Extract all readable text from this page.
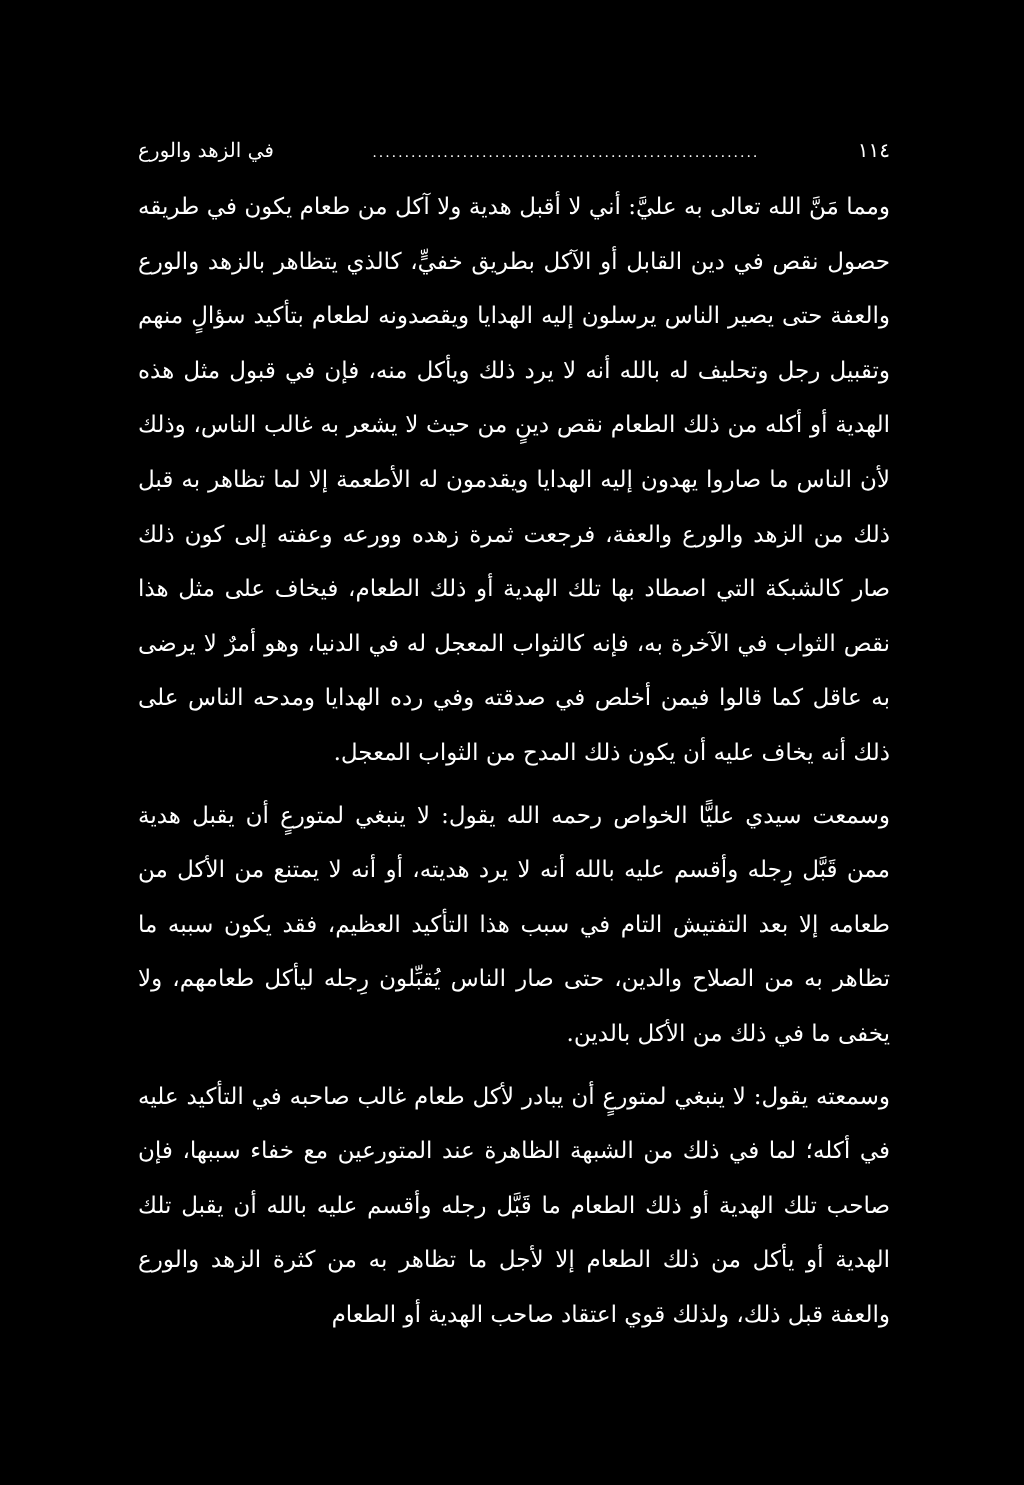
١١٤
............................................................
في الزهد والورع

ومما مَنَّ الله تعالى به عليَّ: أني لا أقبل هدية ولا آكل من طعام يكون في طريقه حصول نقص في دين القابل أو الآكل بطريق خفيٍّ، كالذي يتظاهر بالزهد والورع والعفة حتى يصير الناس يرسلون إليه الهدايا ويقصدونه لطعام بتأكيد سؤالٍ منهم وتقبيل رجل وتحليف له بالله أنه لا يرد ذلك ويأكل منه، فإن في قبول مثل هذه الهدية أو أكله من ذلك الطعام نقص دينٍ من حيث لا يشعر به غالب الناس، وذلك لأن الناس ما صاروا يهدون إليه الهدايا ويقدمون له الأطعمة إلا لما تظاهر به قبل ذلك من الزهد والورع والعفة، فرجعت ثمرة زهده وورعه وعفته إلى كون ذلك صار كالشبكة التي اصطاد بها تلك الهدية أو ذلك الطعام، فيخاف على مثل هذا نقص الثواب في الآخرة به، فإنه كالثواب المعجل له في الدنيا، وهو أمرٌ لا يرضى به عاقل كما قالوا فيمن أخلص في صدقته وفي رده الهدايا ومدحه الناس على ذلك أنه يخاف عليه أن يكون ذلك المدح من الثواب المعجل.

وسمعت سيدي عليًّا الخواص رحمه الله يقول: لا ينبغي لمتورعٍ أن يقبل هدية ممن قَبَّل رِجله وأقسم عليه بالله أنه لا يرد هديته، أو أنه لا يمتنع من الأكل من طعامه إلا بعد التفتيش التام في سبب هذا التأكيد العظيم، فقد يكون سببه ما تظاهر به من الصلاح والدين، حتى صار الناس يُقبِّلون رِجله ليأكل طعامهم، ولا يخفى ما في ذلك من الأكل بالدين.

وسمعته يقول: لا ينبغي لمتورعٍ أن يبادر لأكل طعام غالب صاحبه في التأكيد عليه في أكله؛ لما في ذلك من الشبهة الظاهرة عند المتورعين مع خفاء سببها، فإن صاحب تلك الهدية أو ذلك الطعام ما قَبَّل رجله وأقسم عليه بالله أن يقبل تلك الهدية أو يأكل من ذلك الطعام إلا لأجل ما تظاهر به من كثرة الزهد والورع والعفة قبل ذلك، ولذلك قوي اعتقاد صاحب الهدية أو الطعام
